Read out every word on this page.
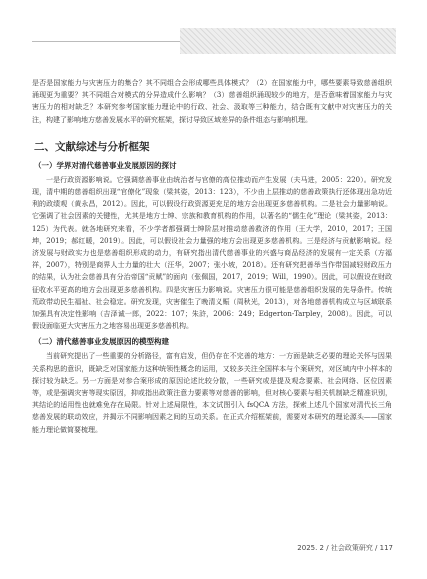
是否是国家能力与灾害压力的集合？其不同组合会形成哪些具体模式？（2）在国家能力中，哪些要素导致慈善组织涌现更为重要？其不同组合对模式的分异造成什么影响？（3）慈善组织涌现较少的地方，是否意味着国家能力与灾害压力的相对缺乏？本研究参考国家能力理论中的行政、社会、汲取等三种能力，结合既有文献中对灾害压力的关注，构建了影响地方慈善发展水平的研究框架，探讨导致区域差异的条件组态与影响机理。

二、文献综述与分析框架
（一）学界对清代慈善事业发展原因的探讨

一是行政资源影响说。它强调慈善事业由统治者与官僚的高位推动而产生发展（夫马进，2005：220）。研究发现，清中期的慈善组织出现“官僚化”现象（梁其姿，2013：123），不少由上层推动的慈善政策执行还体现出急功近利的政绩观（黄永昌，2012）。因此，可以假设行政资源更充足的地方会出现更多慈善机构。二是社会力量影响说。它强调了社会因素的关键性，尤其是地方士绅、宗族和教育机构的作用，以著名的“儒生化”理论（梁其姿，2013：125）为代表。就各地研究来看，不少学者都强调士绅阶层对推动慈善救济的作用（王大学，2010，2017；王国坤，2019；郝红暖，2019）。因此，可以假设社会力量强的地方会出现更多慈善机构。三是经济与贡献影响说。经济发展与财政实力也是慈善组织形成的动力，有研究指出清代慈善事业的兴盛与商品经济的发展有一定关系（方福祥，2007），特别是商界人士力量的壮大（汪华，2007；张小坡，2018）。还有研究把善举当作带国减轻财政压力的结果，认为社会慈善具有分治帝国“贡赋”的面向（张佩国，2017，2019；Will，1990）。因此，可以假设在财政征收水平更高的地方会出现更多慈善机构。四是灾害压力影响说。灾害压力很可能是慈善组织发展的先导条件。传统荒政带动民生福祉、社会稳定。研究发现，灾害催生了晚清义赈（周秋光，2013），对各地慈善机构成立与区域联系加强具有决定性影响（吉泽诚一郎，2022：107；朱浒，2006：249；Edgerton-Tarpley，2008）。因此，可以假设面临更大灾害压力之地容易出现更多慈善机构。

（二）清代慈善事业发展原因的模型构建

当前研究提出了一些重要的分析路径，富有启发，但仍存在不完善的地方：一方面是缺乏必要的理论关怀与因果关系构思的意识，既缺乏对国家能力这种统领性概念的运用，又较多关注全国样本与个案研究，对区域内中小样本的探讨较为缺乏。另一方面是对参合案形成的原因论述比较分散，一些研究或是提及观念要素、社会网络、区位因素等，或是强调灾害等现实原因，抑或指出政策注意力要素等对慈善的影响，但对核心要素与相关机制缺乏精准识别，其结论的适用性也就难免存在局限。针对上述局限性，本文试图引入 fsQCA 方法，探索上述几个国家对清代长三角慈善发展的联动效应，并揭示不同影响因素之间的互动关系。在正式介绍框架前，需要对本研究的理论源头——国家能力理论做简要梳理。

2025. 2 / 社会政策研究 / 117
